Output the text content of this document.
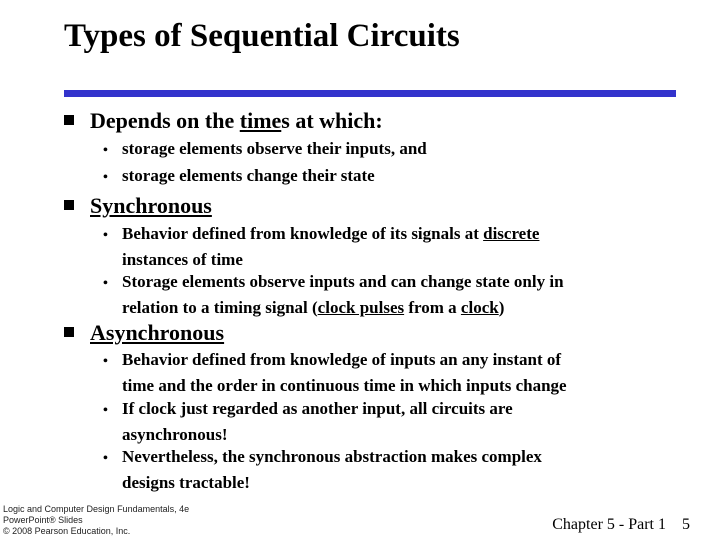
Types of Sequential Circuits
Depends on the times at which:
• storage elements observe their inputs, and
• storage elements change their state
Synchronous
• Behavior defined from knowledge of its signals at discrete
instances of time
• Storage elements observe inputs and can change state only in
relation to a timing signal (clock pulses from a clock)
Asynchronous
• Behavior defined from knowledge of inputs an any instant of
time and the order in continuous time in which inputs change
• If clock just regarded as another input, all circuits are
asynchronous!
• Nevertheless, the synchronous abstraction makes complex
designs tractable!
Logic and Computer Design Fundamentals, 4e
PowerPoint® Slides
© 2008 Pearson Education, Inc.	Chapter 5 - Part 1 5
